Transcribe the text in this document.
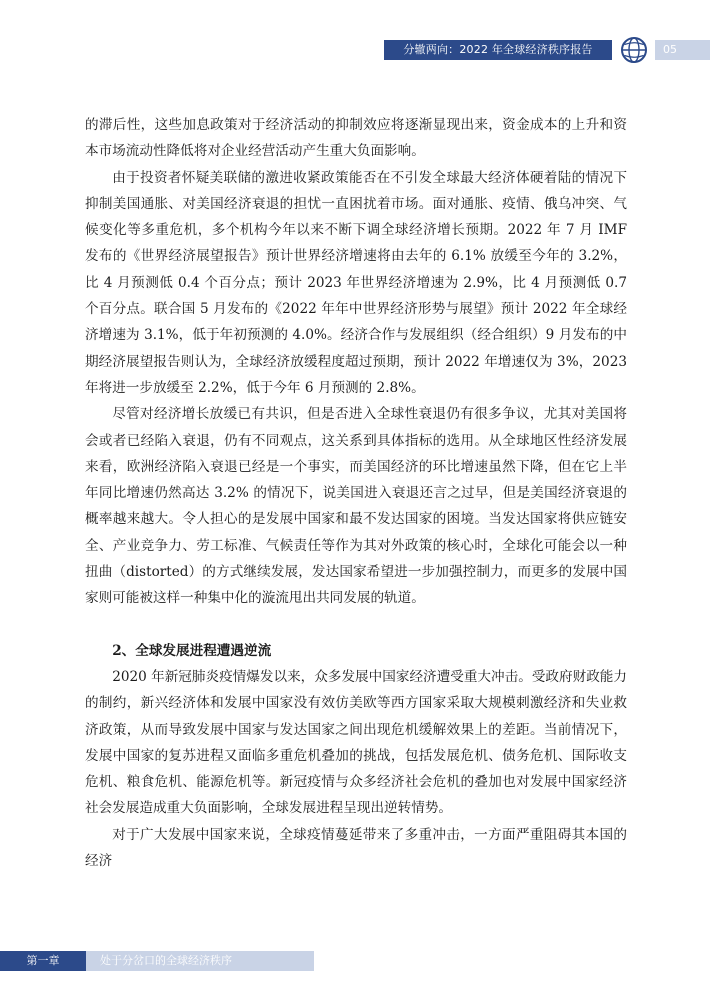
分辙两向：2022 年全球经济秩序报告	05

的滞后性，这些加息政策对于经济活动的抑制效应将逐渐显现出来，资金成本的上升和资本市场流动性降低将对企业经营活动产生重大负面影响。

由于投资者怀疑美联储的激进收紧政策能否在不引发全球最大经济体硬着陆的情况下抑制美国通胀、对美国经济衰退的担忧一直困扰着市场。面对通胀、疫情、俄乌冲突、气候变化等多重危机，多个机构今年以来不断下调全球经济增长预期。2022 年 7 月 IMF 发布的《世界经济展望报告》预计世界经济增速将由去年的 6.1% 放缓至今年的 3.2%，比 4 月预测低 0.4 个百分点；预计 2023 年世界经济增速为 2.9%，比 4 月预测低 0.7 个百分点。联合国 5 月发布的《2022 年年中世界经济形势与展望》预计 2022 年全球经济增速为 3.1%，低于年初预测的 4.0%。经济合作与发展组织（经合组织）9 月发布的中期经济展望报告则认为，全球经济放缓程度超过预期，预计 2022 年增速仅为 3%，2023 年将进一步放缓至 2.2%，低于今年 6 月预测的 2.8%。

尽管对经济增长放缓已有共识，但是否进入全球性衰退仍有很多争议，尤其对美国将会或者已经陷入衰退，仍有不同观点，这关系到具体指标的选用。从全球地区性经济发展来看，欧洲经济陷入衰退已经是一个事实，而美国经济的环比增速虽然下降，但在它上半年同比增速仍然高达 3.2% 的情况下，说美国进入衰退还言之过早，但是美国经济衰退的概率越来越大。令人担心的是发展中国家和最不发达国家的困境。当发达国家将供应链安全、产业竞争力、劳工标准、气候责任等作为其对外政策的核心时，全球化可能会以一种扭曲（distorted）的方式继续发展，发达国家希望进一步加强控制力，而更多的发展中国家则可能被这样一种集中化的漩流甩出共同发展的轨道。

2、全球发展进程遭遇逆流

2020 年新冠肺炎疫情爆发以来，众多发展中国家经济遭受重大冲击。受政府财政能力的制约，新兴经济体和发展中国家没有效仿美欧等西方国家采取大规模刺激经济和失业救济政策，从而导致发展中国家与发达国家之间出现危机缓解效果上的差距。当前情况下，发展中国家的复苏进程又面临多重危机叠加的挑战，包括发展危机、债务危机、国际收支危机、粮食危机、能源危机等。新冠疫情与众多经济社会危机的叠加也对发展中国家经济社会发展造成重大负面影响，全球发展进程呈现出逆转情势。

对于广大发展中国家来说，全球疫情蔓延带来了多重冲击，一方面严重阻碍其本国的经济

第一章	处于分岔口的全球经济秩序
